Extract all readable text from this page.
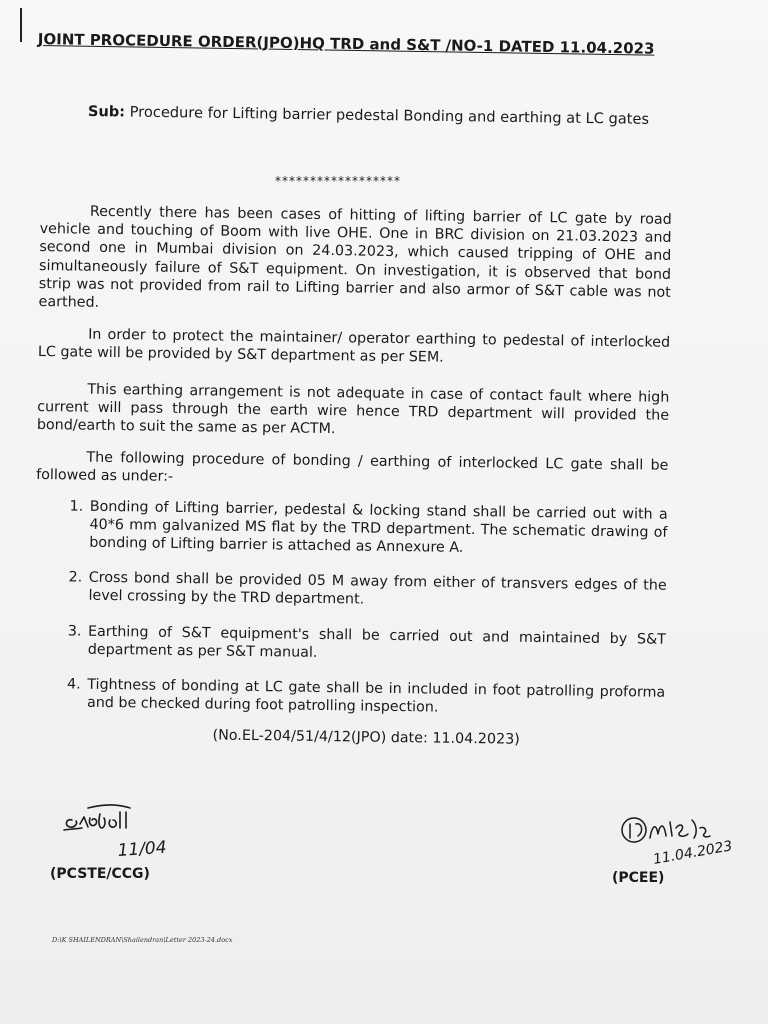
JOINT PROCEDURE ORDER(JPO)HQ TRD and S&T /NO-1 DATED 11.04.2023
Sub: Procedure for Lifting barrier pedestal Bonding and earthing at LC gates
******************

Recently there has been cases of hitting of lifting barrier of LC gate by road vehicle and touching of Boom with live OHE. One in BRC division on 21.03.2023 and second one in Mumbai division on 24.03.2023, which caused tripping of OHE and simultaneously failure of S&T equipment. On investigation, it is observed that bond strip was not provided from rail to Lifting barrier and also armor of S&T cable was not earthed.

In order to protect the maintainer/ operator earthing to pedestal of interlocked LC gate will be provided by S&T department as per SEM.

This earthing arrangement is not adequate in case of contact fault where high current will pass through the earth wire hence TRD department will provided the bond/earth to suit the same as per ACTM.

The following procedure of bonding / earthing of interlocked LC gate shall be followed as under:-

1. Bonding of Lifting barrier, pedestal & locking stand shall be carried out with a 40*6 mm galvanized MS flat by the TRD department. The schematic drawing of bonding of Lifting barrier is attached as Annexure A.
2. Cross bond shall be provided 05 M away from either of transvers edges of the level crossing by the TRD department.
3. Earthing of S&T equipment's shall be carried out and maintained by S&T department as per S&T manual.
4. Tightness of bonding at LC gate shall be in included in foot patrolling proforma and be checked during foot patrolling inspection.
(No.EL-204/51/4/12(JPO) date: 11.04.2023)
11/04	11.04.2023
(PCSTE/CCG)	(PCEE)
D:\K SHAILENDRAN\Shailendran\Letter 2023-24.docx
